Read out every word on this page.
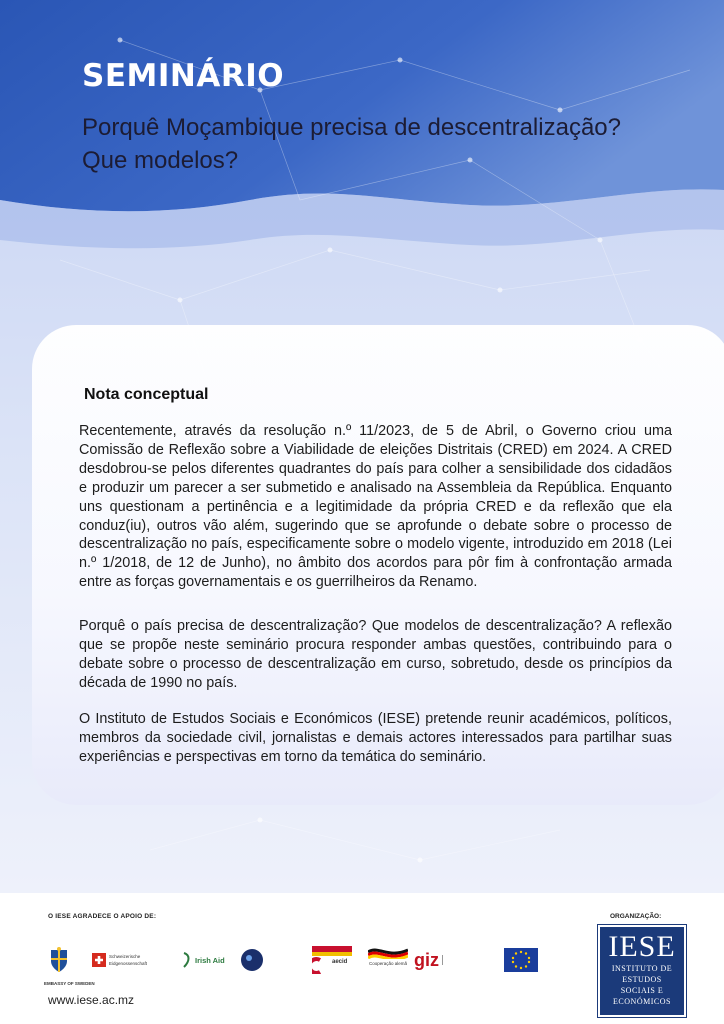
SEMINÁRIO
Porquê Moçambique precisa de descentralização?
Que modelos?
Nota conceptual

Recentemente, através da resolução n.º 11/2023, de 5 de Abril, o Governo criou uma Comissão de Reflexão sobre a Viabilidade de eleições Distritais (CRED) em 2024. A CRED desdobrou-se pelos diferentes quadrantes do país para colher a sensibilidade dos cidadãos e produzir um parecer a ser submetido e analisado na Assembleia da República. Enquanto uns questionam a pertinência e a legitimidade da própria CRED e da reflexão que ela conduz(iu), outros vão além, sugerindo que se aprofunde o debate sobre o processo de descentralização no país, especificamente sobre o modelo vigente, introduzido em 2018 (Lei n.º 1/2018, de 12 de Junho), no âmbito dos acordos para pôr fim à confrontação armada entre as forças governamentais e os guerrilheiros da Renamo.

Porquê o país precisa de descentralização? Que modelos de descentralização? A reflexão que se propõe neste seminário procura responder ambas questões, contribuindo para o debate sobre o processo de descentralização em curso, sobretudo, desde os princípios da década de 1990 no país.

O Instituto de Estudos Sociais e Económicos (IESE) pretende reunir académicos, políticos, membros da sociedade civil, jornalistas e demais actores interessados para partilhar suas experiências e perspectivas em torno da temática do seminário.

O IESE AGRADECE O APOIO DE:	ORGANIZAÇÃO:
EMBASSY OF SWEDEN
Schweizerische Eidgenossenschaft	Irish Aid	aecid	Cooperação alemã giz
www.iese.ac.mz
IESE
INSTITUTO DE
ESTUDOS
SOCIAIS E
ECONÓMICOS
